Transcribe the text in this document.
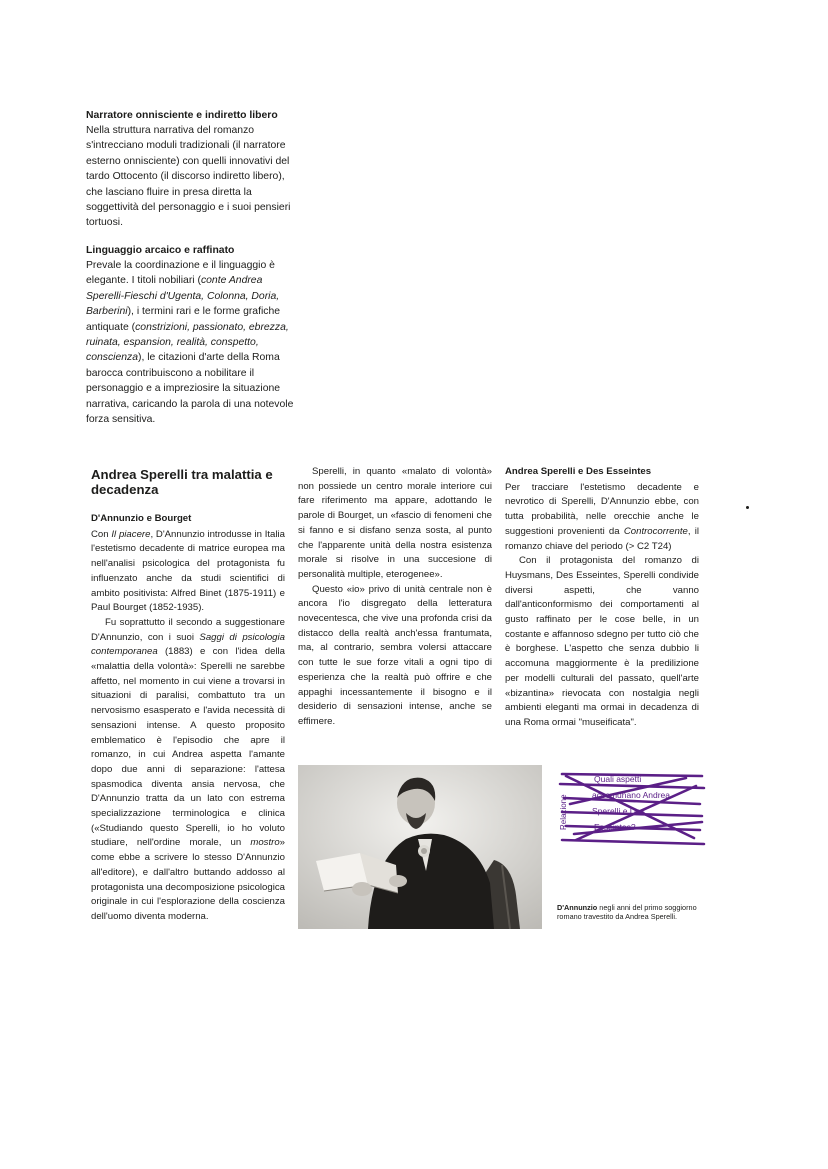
Narratore onnisciente e indiretto libero

Nella struttura narrativa del romanzo s'intrecciano moduli tradizionali (il narratore esterno onnisciente) con quelli innovativi del tardo Ottocento (il discorso indiretto libero), che lasciano fluire in presa diretta la soggettività del personaggio e i suoi pensieri tortuosi.

Linguaggio arcaico e raffinato

Prevale la coordinazione e il linguaggio è elegante. I titoli nobiliari (conte Andrea Sperelli-Fieschi d'Ugenta, Colonna, Doria, Barberini), i termini rari e le forme grafiche antiquate (constrizioni, passionato, ebrezza, ruinata, espansion, realità, conspetto, conscienza), le citazioni d'arte della Roma barocca contribuiscono a nobilitare il personaggio e a impreziosire la situazione narrativa, caricando la parola di una notevole forza sensitiva.

Andrea Sperelli tra malattia e decadenza

D'Annunzio e Bourget

Con Il piacere, D'Annunzio introdusse in Italia l'estetismo decadente di matrice europea ma nell'analisi psicologica del protagonista fu influenzato anche da studi scientifici di ambito positivista: Alfred Binet (1875-1911) e Paul Bourget (1852-1935).

Fu soprattutto il secondo a suggestionare D'Annunzio, con i suoi Saggi di psicologia contemporanea (1883) e con l'idea della «malattia della volontà»: Sperelli ne sarebbe affetto, nel momento in cui viene a trovarsi in situazioni di paralisi, combattuto tra un nervosismo esasperato e l'avida necessità di sensazioni intense. A questo proposito emblematico è l'episodio che apre il romanzo, in cui Andrea aspetta l'amante dopo due anni di separazione: l'attesa spasmodica diventa ansia nervosa, che D'Annunzio tratta da un lato con estrema specializzazione terminologica e clinica («Studiando questo Sperelli, io ho voluto studiare, nell'ordine morale, un mostro» come ebbe a scrivere lo stesso D'Annunzio all'editore), e dall'altro buttando addosso al protagonista una decomposizione psicologica originale in cui l'esplorazione della coscienza dell'uomo diventa moderna.

Sperelli, in quanto «malato di volontà» non possiede un centro morale interiore cui fare riferimento ma appare, adottando le parole di Bourget, un «fascio di fenomeni che si fanno e si disfano senza sosta, al punto che l'apparente unità della nostra esistenza morale si risolve in una succesione di personalità multiple, eterogenee».

Questo «io» privo di unità centrale non è ancora l'io disgregato della letteratura novecentesca, che vive una profonda crisi da distacco della realtà anch'essa frantumata, ma, al contrario, sembra volersi attaccare con tutte le sue forze vitali a ogni tipo di esperienza che la realtà può offrire e che appaghi incessantemente il bisogno e il desiderio di sensazioni intense, anche se effimere.

Andrea Sperelli e Des Esseintes

Per tracciare l'estetismo decadente e nevrotico di Sperelli, D'Annunzio ebbe, con tutta probabilità, nelle orecchie anche le suggestioni provenienti da Controcorrente, il romanzo chiave del periodo (> C2 T24)

Con il protagonista del romanzo di Huysmans, Des Esseintes, Sperelli condivide diversi aspetti, che vanno dall'anticonformismo dei comportamenti al gusto raffinato per le cose belle, in un costante e affannoso sdegno per tutto ciò che è borghese. L'aspetto che senza dubbio li accomuna maggiormente è la predilizione per modelli culturali del passato, quell'arte «bizantina» rievocata con nostalgia negli ambienti eleganti ma ormai in decadenza di una Roma ormai "museificata".

Relazione
Quali aspetti
accomunano Andrea
Sperelli e Des
Esseintes?

D'Annunzio negli anni del primo soggiorno romano travestito da Andrea Sperelli.
